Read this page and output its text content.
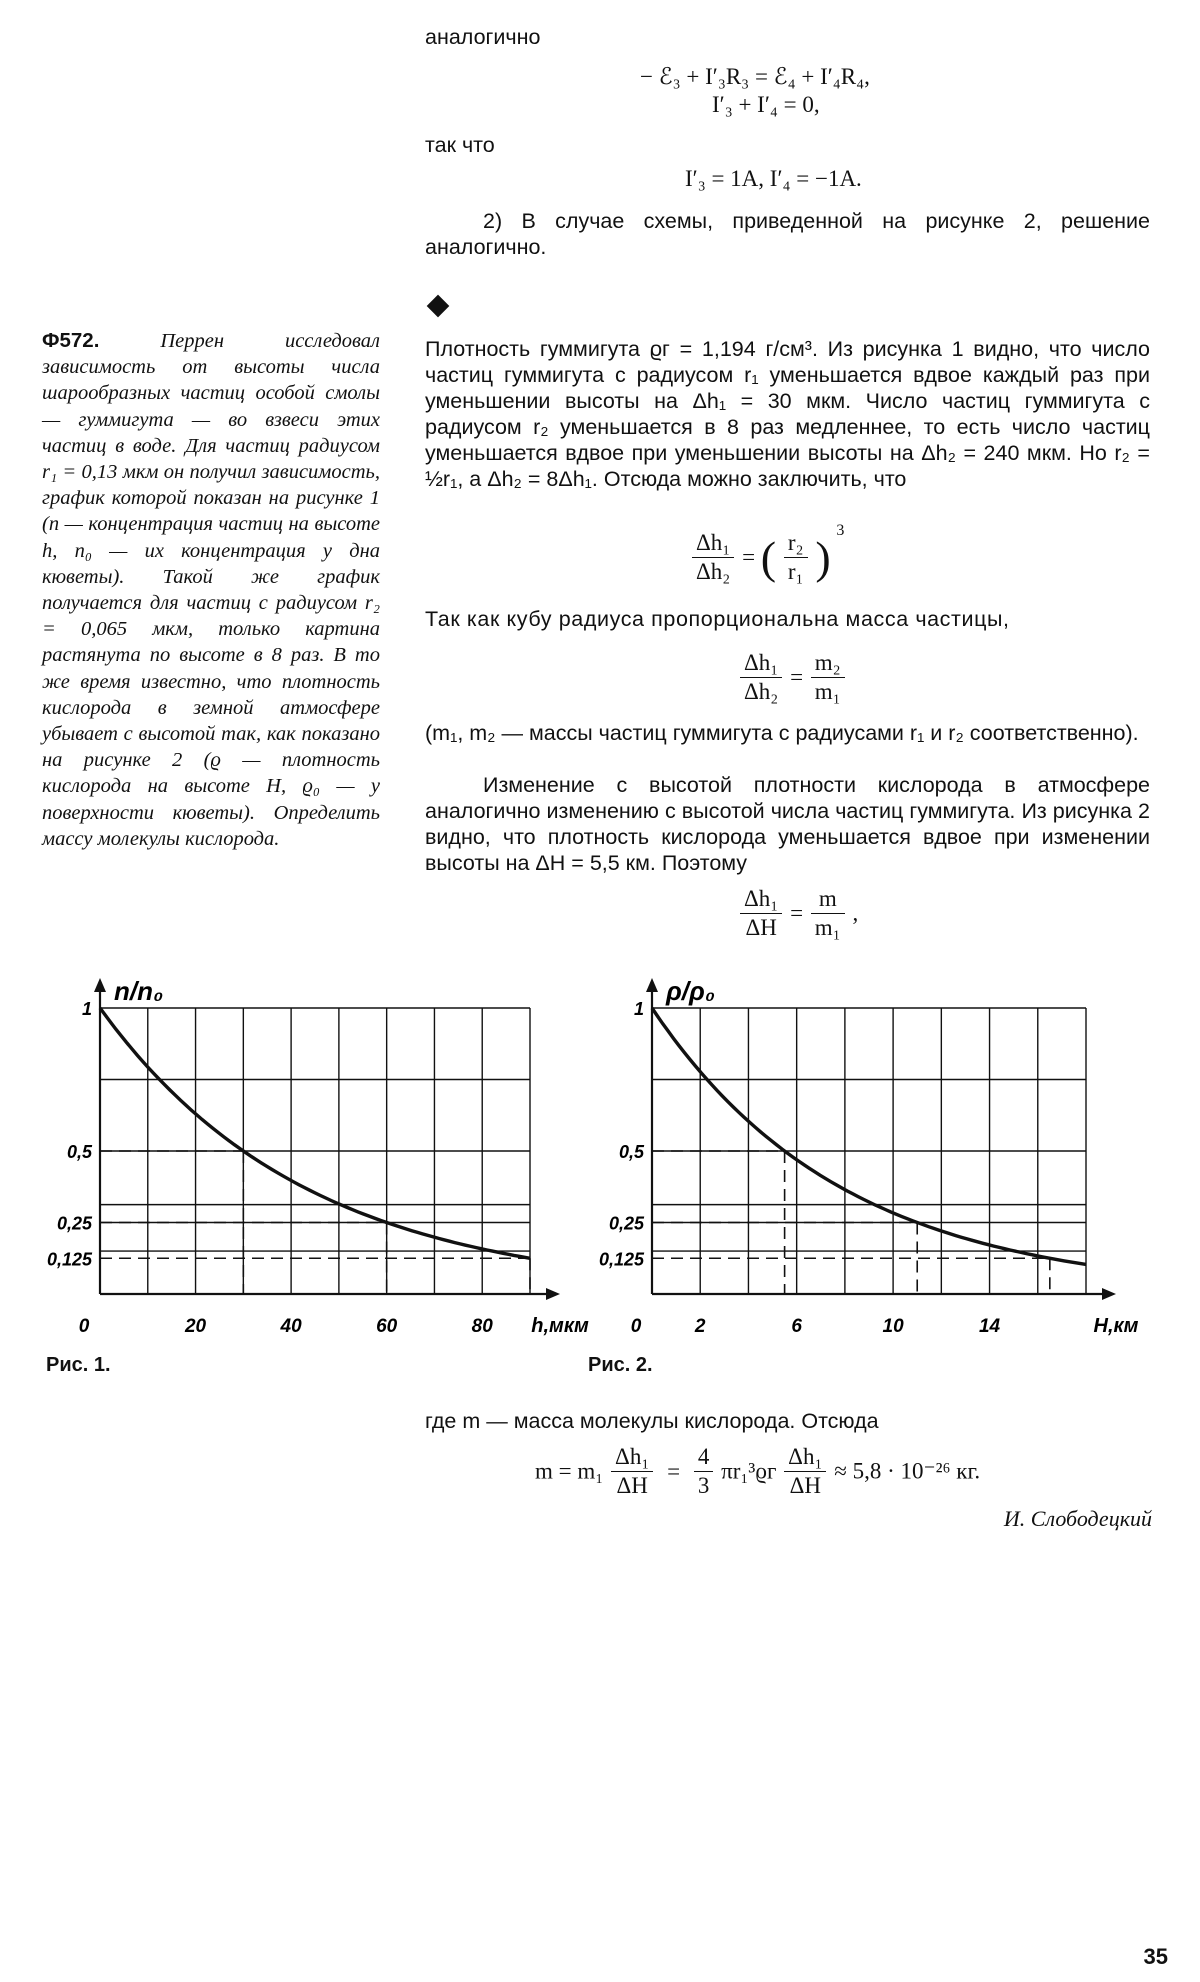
аналогично
− ℰ₃ + I′₃R₃ = ℰ₄ + I′₄R₄,
I′₃ + I′₄ = 0,
так что
I′₃ = 1A, I′₄ = −1A.
2) В случае схемы, приведенной на рисунке 2, решение аналогично.
Ф572.	Перрен исследовал зависимость от высоты числа шарообразных частиц особой смолы — гуммигута — во взвеси этих частиц в воде. Для частиц радиусом r₁ = 0,13 мкм он получил зависимость, график которой показан на рисунке 1 (n — концентрация частиц на высоте h, n₀ — их концентрация у дна кюветы). Такой же график получается для частиц с радиусом r₂ = 0,065 мкм, только картина растянута по высоте в 8 раз. В то же время известно, что плотность кислорода в земной атмосфере убывает с высотой так, как показано на рисунке 2 (ϱ — плотность кислорода на высоте H, ϱ₀ — у поверхности кюветы). Определить массу молекулы кислорода.
Плотность гуммигута ϱг = 1,194 г/см³. Из рисунка 1 видно, что число частиц гуммигута с радиусом r₁ уменьшается вдвое каждый раз при уменьшении высоты на Δh₁ = 30 мкм. Число частиц гуммигута с радиусом r₂ уменьшается в 8 раз медленнее, то есть число частиц уменьшается вдвое при уменьшении высоты на Δh₂ = 240 мкм. Но r₂ = ½r₁, а Δh₂ = 8Δh₁. Отсюда можно заключить, что
$\frac{\text{Δh₁}}{\text{Δh₂}}$ = ( $\frac{\text{r₂}}{\text{r₁}}$ ) $^3$
Так как кубу радиуса пропорциональна масса частицы,
$\frac{\text{Δh₁}}{\text{Δh₂}} = \frac{\text{m₂}}{\text{m₁}}$
(m₁, m₂ — массы частиц гуммигута с радиусами r₁ и r₂ соответственно).
Изменение с высотой плотности кислорода в атмосфере аналогично изменению с высотой числа частиц гуммигута. Из рисунка 2 видно, что плотность кислорода уменьшается вдвое при изменении высоты на ΔH = 5,5 км. Поэтому
$\frac{\text{Δh₁}}{\Delta H} = \frac{m}{\text{m₁}}$ ,
1
0,5
0,25
0,125
0	20	40	60	80 h,мкм
n/n₀
Рис. 1.
1
0,5
0,25
0,125
0	2	6	10	14	H,км
ρ/ρ₀
Рис. 2.
где m — масса молекулы кислорода. Отсюда
$m = m_1 \frac{\text{Δh₁}}{\Delta H} = \frac{4}{3} \pi r_1^3ϱг \frac{\text{Δh₁}}{\Delta H} \approx 5,8 \cdot 10^{-26}$ кг.
И. Слободецкий
35
